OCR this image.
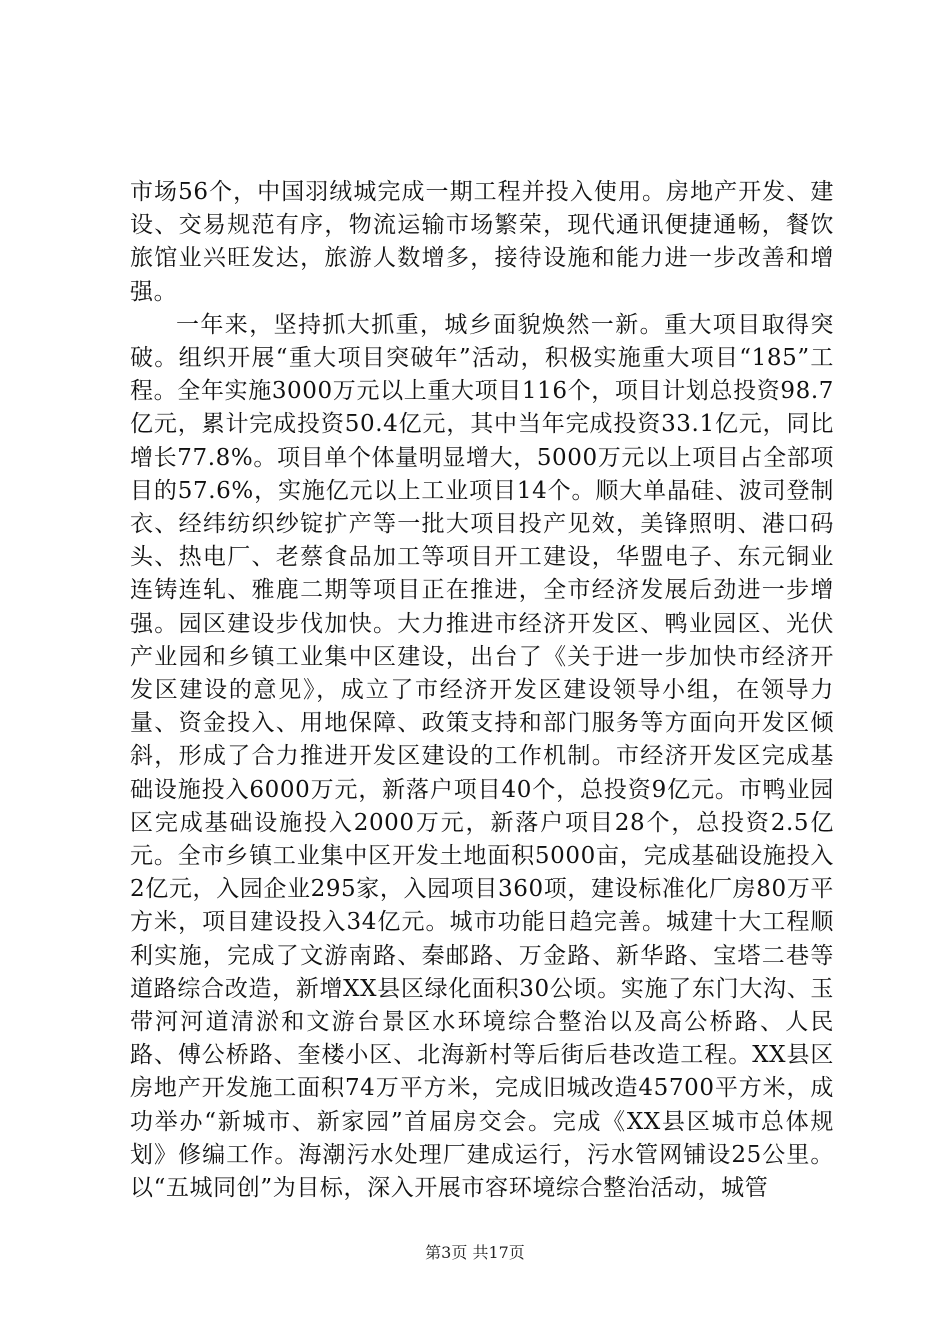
市场56个，中国羽绒城完成一期工程并投入使用。房地产开发、建设、交易规范有序，物流运输市场繁荣，现代通讯便捷通畅，餐饮旅馆业兴旺发达，旅游人数增多，接待设施和能力进一步改善和增强。

一年来，坚持抓大抓重，城乡面貌焕然一新。重大项目取得突破。组织开展“重大项目突破年”活动，积极实施重大项目“185”工程。全年实施3000万元以上重大项目116个，项目计划总投资98.7亿元，累计完成投资50.4亿元，其中当年完成投资33.1亿元，同比增长77.8%。项目单个体量明显增大，5000万元以上项目占全部项目的57.6%，实施亿元以上工业项目14个。顺大单晶硅、波司登制衣、经纬纺织纱锭扩产等一批大项目投产见效，美锋照明、港口码头、热电厂、老蔡食品加工等项目开工建设，华盟电子、东元铜业连铸连轧、雅鹿二期等项目正在推进，全市经济发展后劲进一步增强。园区建设步伐加快。大力推进市经济开发区、鸭业园区、光伏产业园和乡镇工业集中区建设，出台了《关于进一步加快市经济开发区建设的意见》，成立了市经济开发区建设领导小组，在领导力量、资金投入、用地保障、政策支持和部门服务等方面向开发区倾斜，形成了合力推进开发区建设的工作机制。市经济开发区完成基础设施投入6000万元，新落户项目40个，总投资9亿元。市鸭业园区完成基础设施投入2000万元，新落户项目28个，总投资2.5亿元。全市乡镇工业集中区开发土地面积5000亩，完成基础设施投入2亿元，入园企业295家，入园项目360项，建设标准化厂房80万平方米，项目建设投入34亿元。城市功能日趋完善。城建十大工程顺利实施，完成了文游南路、秦邮路、万金路、新华路、宝塔二巷等道路综合改造，新增XX县区绿化面积30公顷。实施了东门大沟、玉带河河道清淤和文游台景区水环境综合整治以及高公桥路、人民路、傅公桥路、奎楼小区、北海新村等后街后巷改造工程。XX县区房地产开发施工面积74万平方米，完成旧城改造45700平方米，成功举办“新城市、新家园”首届房交会。完成《XX县区城市总体规划》修编工作。海潮污水处理厂建成运行，污水管网铺设25公里。以“五城同创”为目标，深入开展市容环境综合整治活动，城管

第3页 共17页
